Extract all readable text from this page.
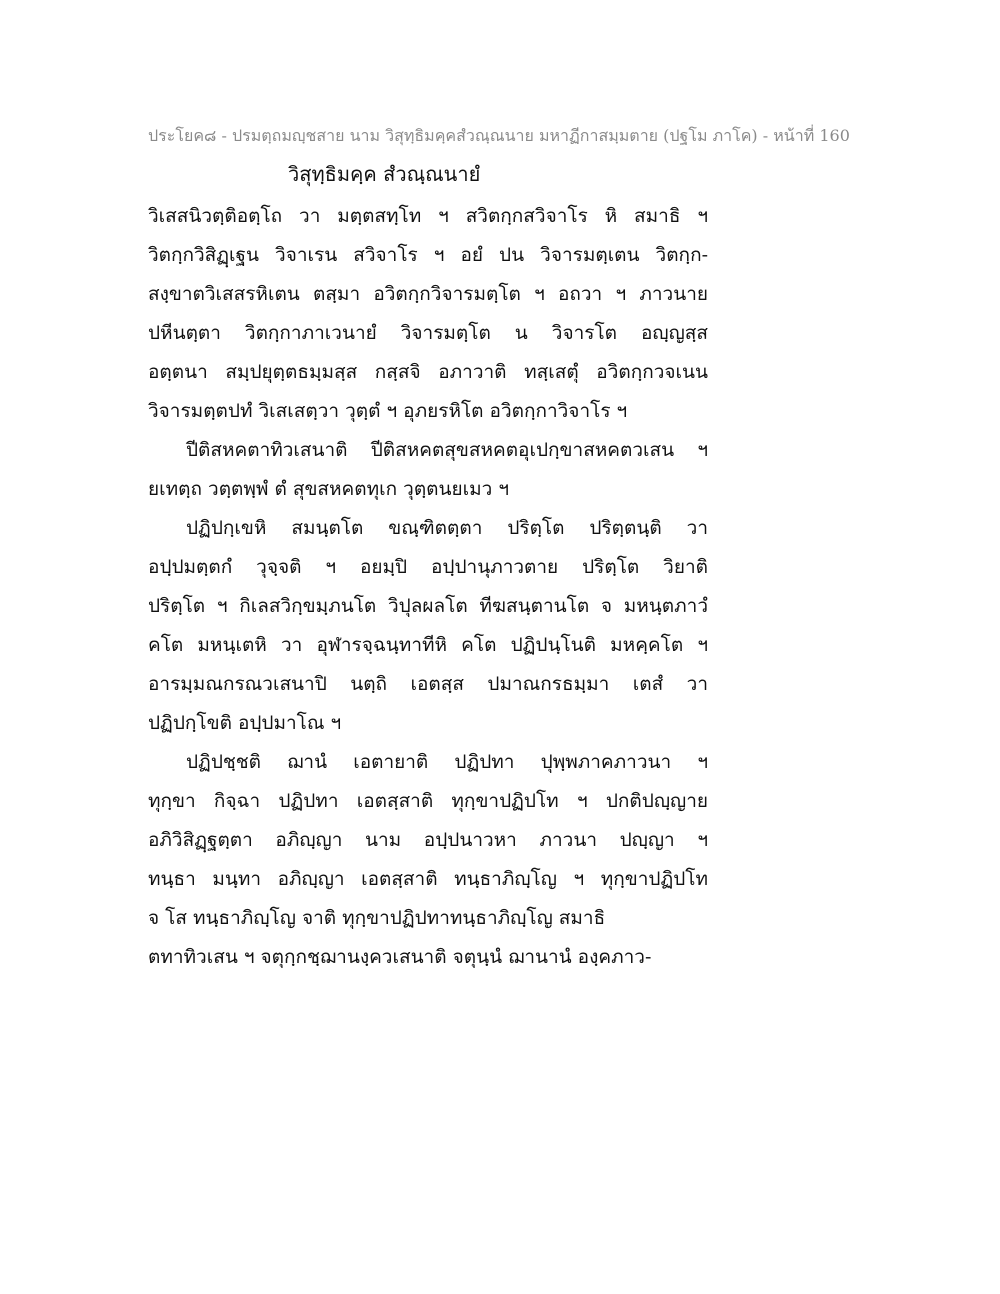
ประโยค๘ - ปรมตฺถมญฺชสาย นาม วิสุทฺธิมคฺคสํวณฺณนาย มหาฏีกาสมฺมตาย (ปฐโม ภาโค) - หน้าที่ 160
วิสุทฺธิมคฺค สํวณฺณนายํ
วิเสสนิวตฺติอตฺโถ วา มตฺตสทฺโท ฯ สวิตกฺกสวิจาโร หิ สมาธิ ฯ
วิตกฺกวิสิฏฺเฐน วิจาเรน สวิจาโร ฯ อยํ ปน วิจารมตฺเตน วิตกฺก-
สงฺขาตวิเสสรหิเตน ตสฺมา อวิตกฺกวิจารมตฺโต ฯ อถวา ฯ ภาวนาย
ปหีนตฺตา วิตกฺกาภาเวนายํ วิจารมตฺโต น วิจารโต อญฺญสฺส
อตฺตนา สมฺปยุตฺตธมฺมสฺส กสฺสจิ อภาวาติ ทสฺเสตุํ อวิตกฺกวจเนน
วิจารมตฺตปทํ วิเสเสตฺวา วุตฺตํ ฯ อุภยรหิโต อวิตกฺกาวิจาโร ฯ
ปีติสหคตาทิวเสนาติ ปีติสหคตสุขสหคตอุเปกฺขาสหคตวเสน ฯ
ยเทตฺถ วตฺตพฺพํ ตํ สุขสหคตทุเก วุตฺตนยเมว ฯ
ปฏิปกฺเขหิ สมนฺตโต ขณฺฑิตตฺตา ปริตฺโต ปริตฺตนฺติ วา
อปฺปมตฺตกํ วุจฺจติ ฯ อยมฺปิ อปฺปานุภาวตาย ปริตฺโต วิยาติ
ปริตฺโต ฯ กิเลสวิกฺขมฺภนโต วิปุลผลโต ทีฆสนฺตานโต จ มหนฺตภาวํ
คโต มหนฺเตหิ วา อุฬารจฺฉนฺทาทีหิ คโต ปฏิปนฺโนติ มหคฺคโต ฯ
อารมฺมณกรณวเสนาปิ นตฺถิ เอตสฺส ปมาณกรธมฺมา เตสํ วา
ปฏิปกฺโขติ อปฺปมาโณ ฯ
ปฏิปชฺชติ ฌานํ เอตายาติ ปฏิปทา ปุพฺพภาคภาวนา ฯ
ทุกฺขา กิจฺฉา ปฏิปทา เอตสฺสาติ ทุกฺขาปฏิปโท ฯ ปกติปญฺญาย
อภิวิสิฏฺฐตฺตา อภิญฺญา นาม อปฺปนาวหา ภาวนา ปญฺญา ฯ
ทนฺธา มนฺทา อภิญฺญา เอตสฺสาติ ทนฺธาภิญฺโญ ฯ ทุกฺขาปฏิปโท
จ โส ทนฺธาภิญฺโญ จาติ ทุกฺขาปฏิปทาทนฺธาภิญฺโญ สมาธิ
ตทาทิวเสน ฯ จตุกฺกชฺฌานงฺควเสนาติ จตุนฺนํ ฌานานํ องฺคภาว-
